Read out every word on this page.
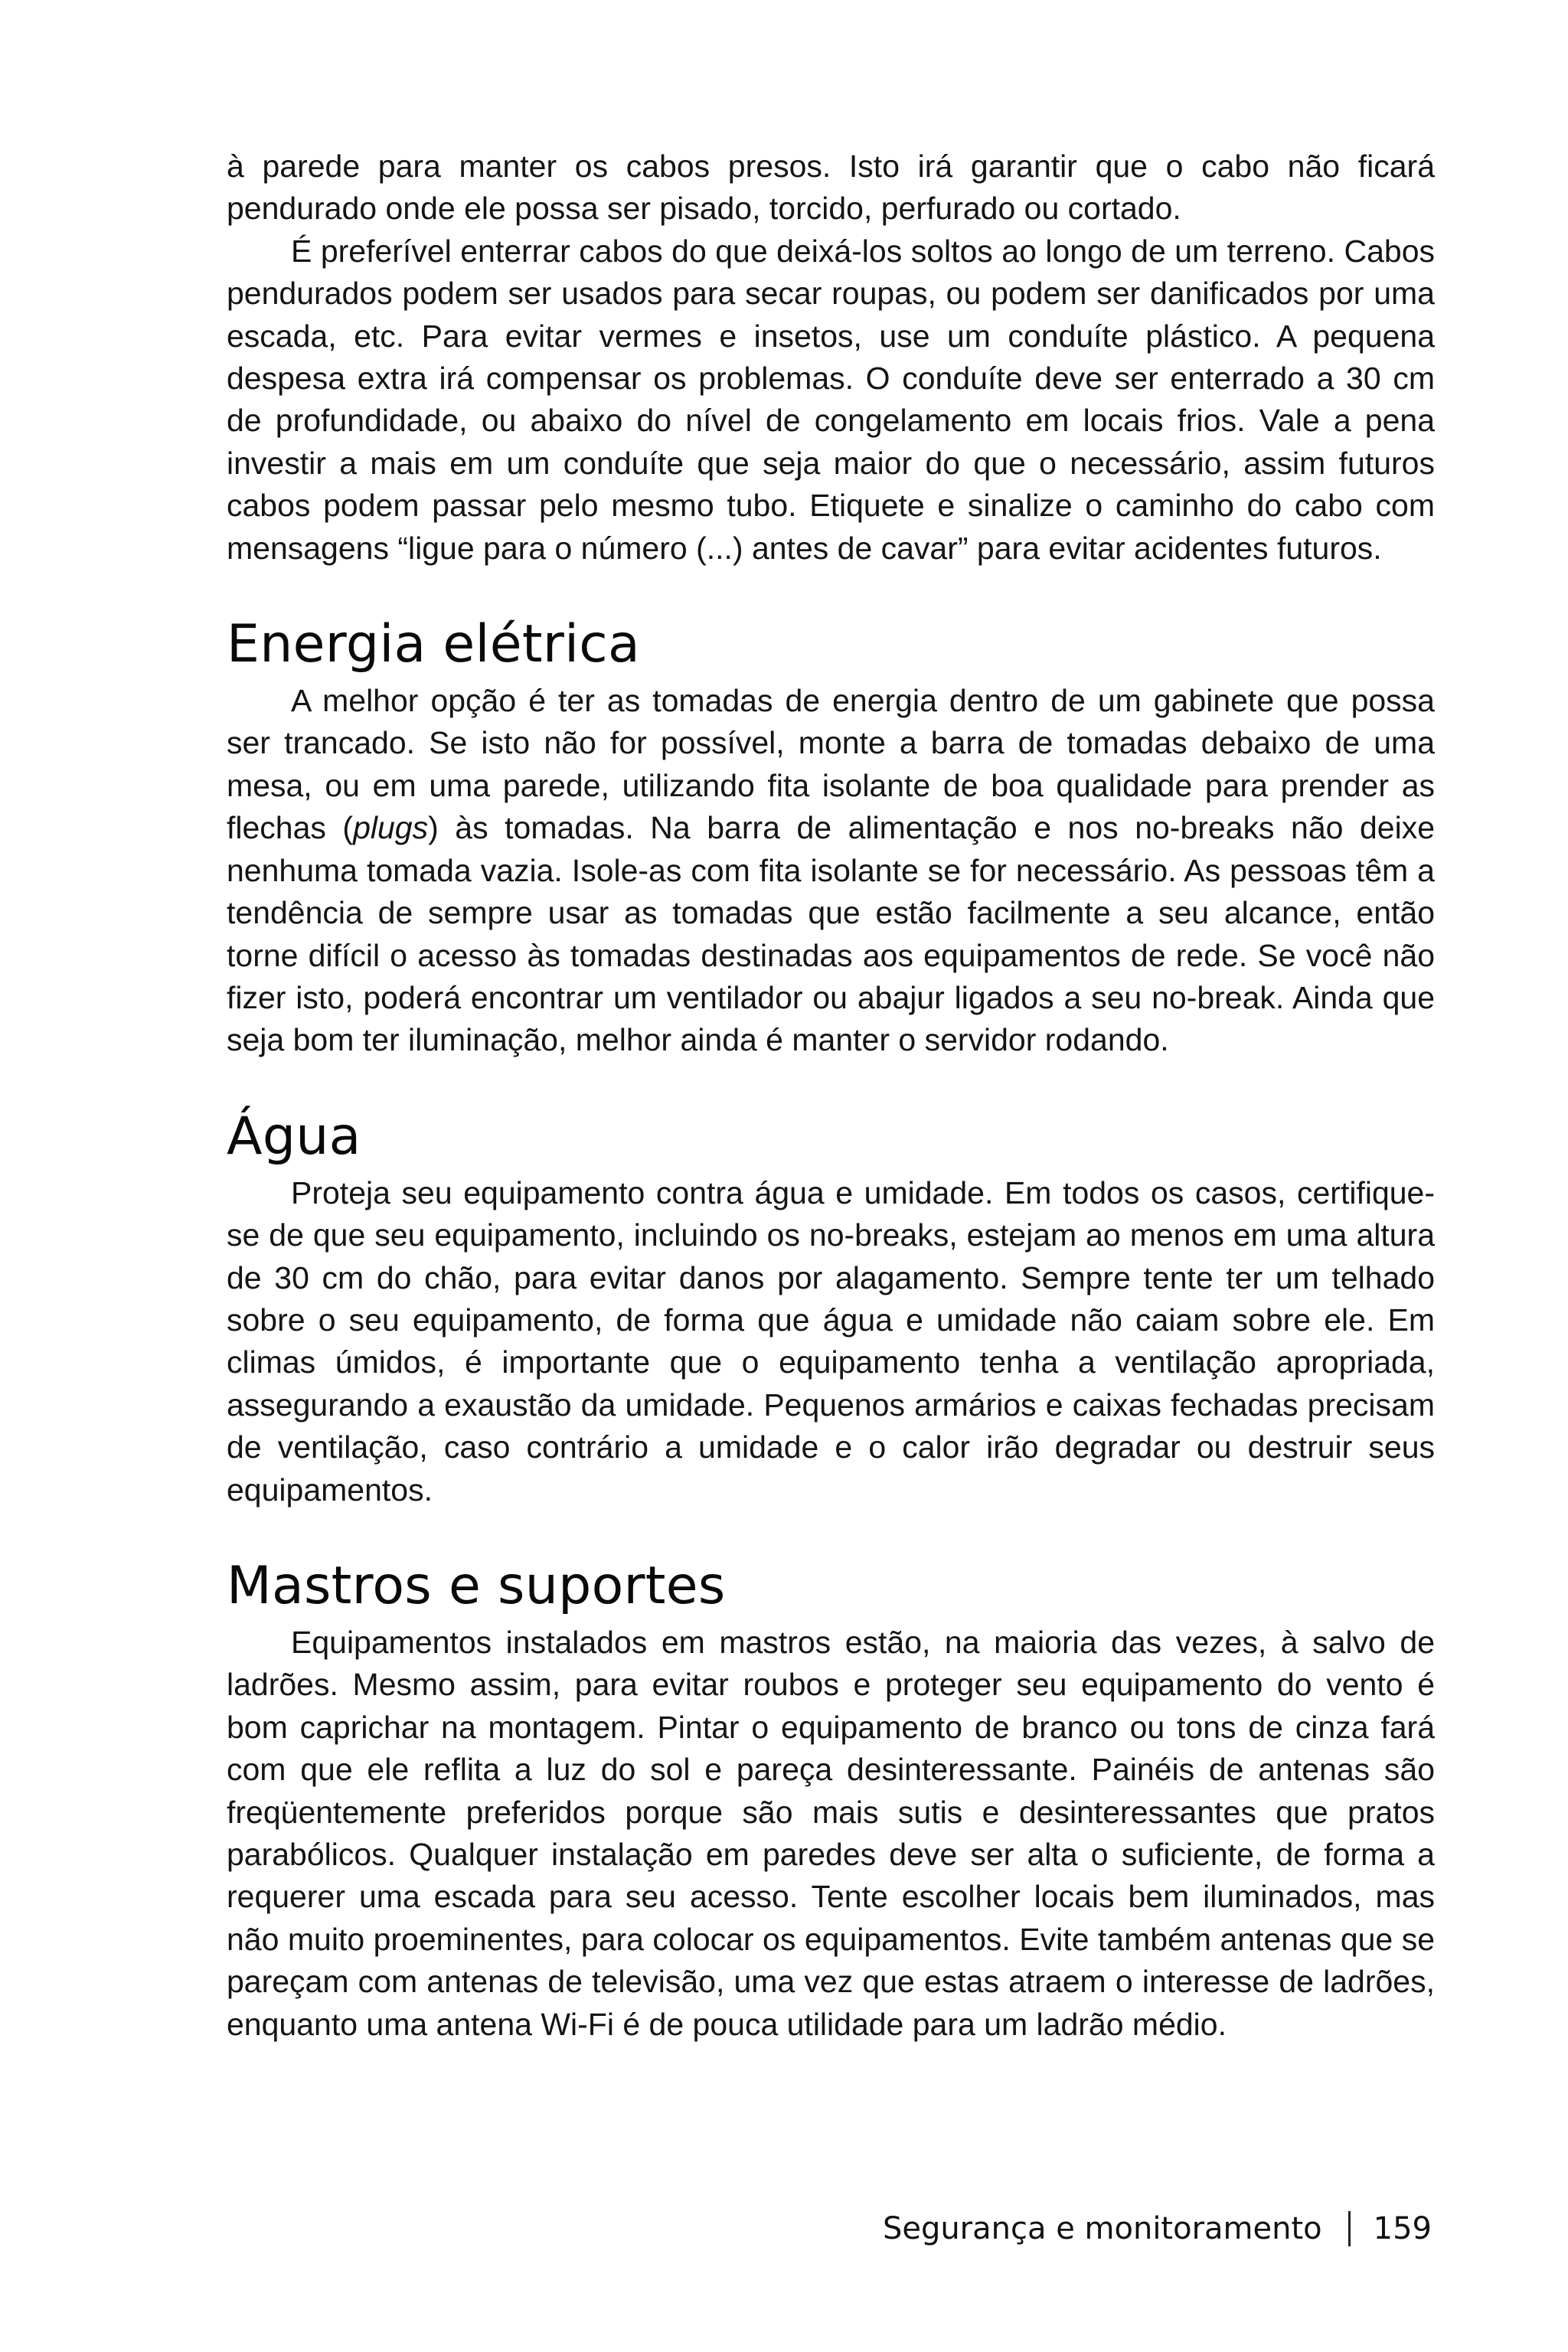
à parede para manter os cabos presos. Isto irá garantir que o cabo não ficará pendurado onde ele possa ser pisado, torcido, perfurado ou cortado.

É preferível enterrar cabos do que deixá-los soltos ao longo de um terreno. Cabos pendurados podem ser usados para secar roupas, ou podem ser danificados por uma escada, etc. Para evitar vermes e insetos, use um conduíte plástico. A pequena despesa extra irá compensar os problemas. O conduíte deve ser enterrado a 30 cm de profundidade, ou abaixo do nível de congelamento em locais frios. Vale a pena investir a mais em um conduíte que seja maior do que o necessário, assim futuros cabos podem passar pelo mesmo tubo. Etiquete e sinalize o caminho do cabo com mensagens “ligue para o número (...) antes de cavar” para evitar acidentes futuros.

Energia elétrica

A melhor opção é ter as tomadas de energia dentro de um gabinete que possa ser trancado. Se isto não for possível, monte a barra de tomadas debaixo de uma mesa, ou em uma parede, utilizando fita isolante de boa qualidade para prender as flechas (plugs) às tomadas. Na barra de alimentação e nos no-breaks não deixe nenhuma tomada vazia. Isole-as com fita isolante se for necessário. As pessoas têm a tendência de sempre usar as tomadas que estão facilmente a seu alcance, então torne difícil o acesso às tomadas destinadas aos equipamentos de rede. Se você não fizer isto, poderá encontrar um ventilador ou abajur ligados a seu no-break. Ainda que seja bom ter iluminação, melhor ainda é manter o servidor rodando.

Água

Proteja seu equipamento contra água e umidade. Em todos os casos, certifique-se de que seu equipamento, incluindo os no-breaks, estejam ao menos em uma altura de 30 cm do chão, para evitar danos por alagamento. Sempre tente ter um telhado sobre o seu equipamento, de forma que água e umidade não caiam sobre ele. Em climas úmidos, é importante que o equipamento tenha a ventilação apropriada, assegurando a exaustão da umidade. Pequenos armários e caixas fechadas precisam de ventilação, caso contrário a umidade e o calor irão degradar ou destruir seus equipamentos.

Mastros e suportes

Equipamentos instalados em mastros estão, na maioria das vezes, à salvo de ladrões. Mesmo assim, para evitar roubos e proteger seu equipamento do vento é bom caprichar na montagem. Pintar o equipamento de branco ou tons de cinza fará com que ele reflita a luz do sol e pareça desinteressante. Painéis de antenas são freqüentemente preferidos porque são mais sutis e desinteressantes que pratos parabólicos. Qualquer instalação em paredes deve ser alta o suficiente, de forma a requerer uma escada para seu acesso. Tente escolher locais bem iluminados, mas não muito proeminentes, para colocar os equipamentos. Evite também antenas que se pareçam com antenas de televisão, uma vez que estas atraem o interesse de ladrões, enquanto uma antena Wi-Fi é de pouca utilidade para um ladrão médio.

Segurança e monitoramento 159
